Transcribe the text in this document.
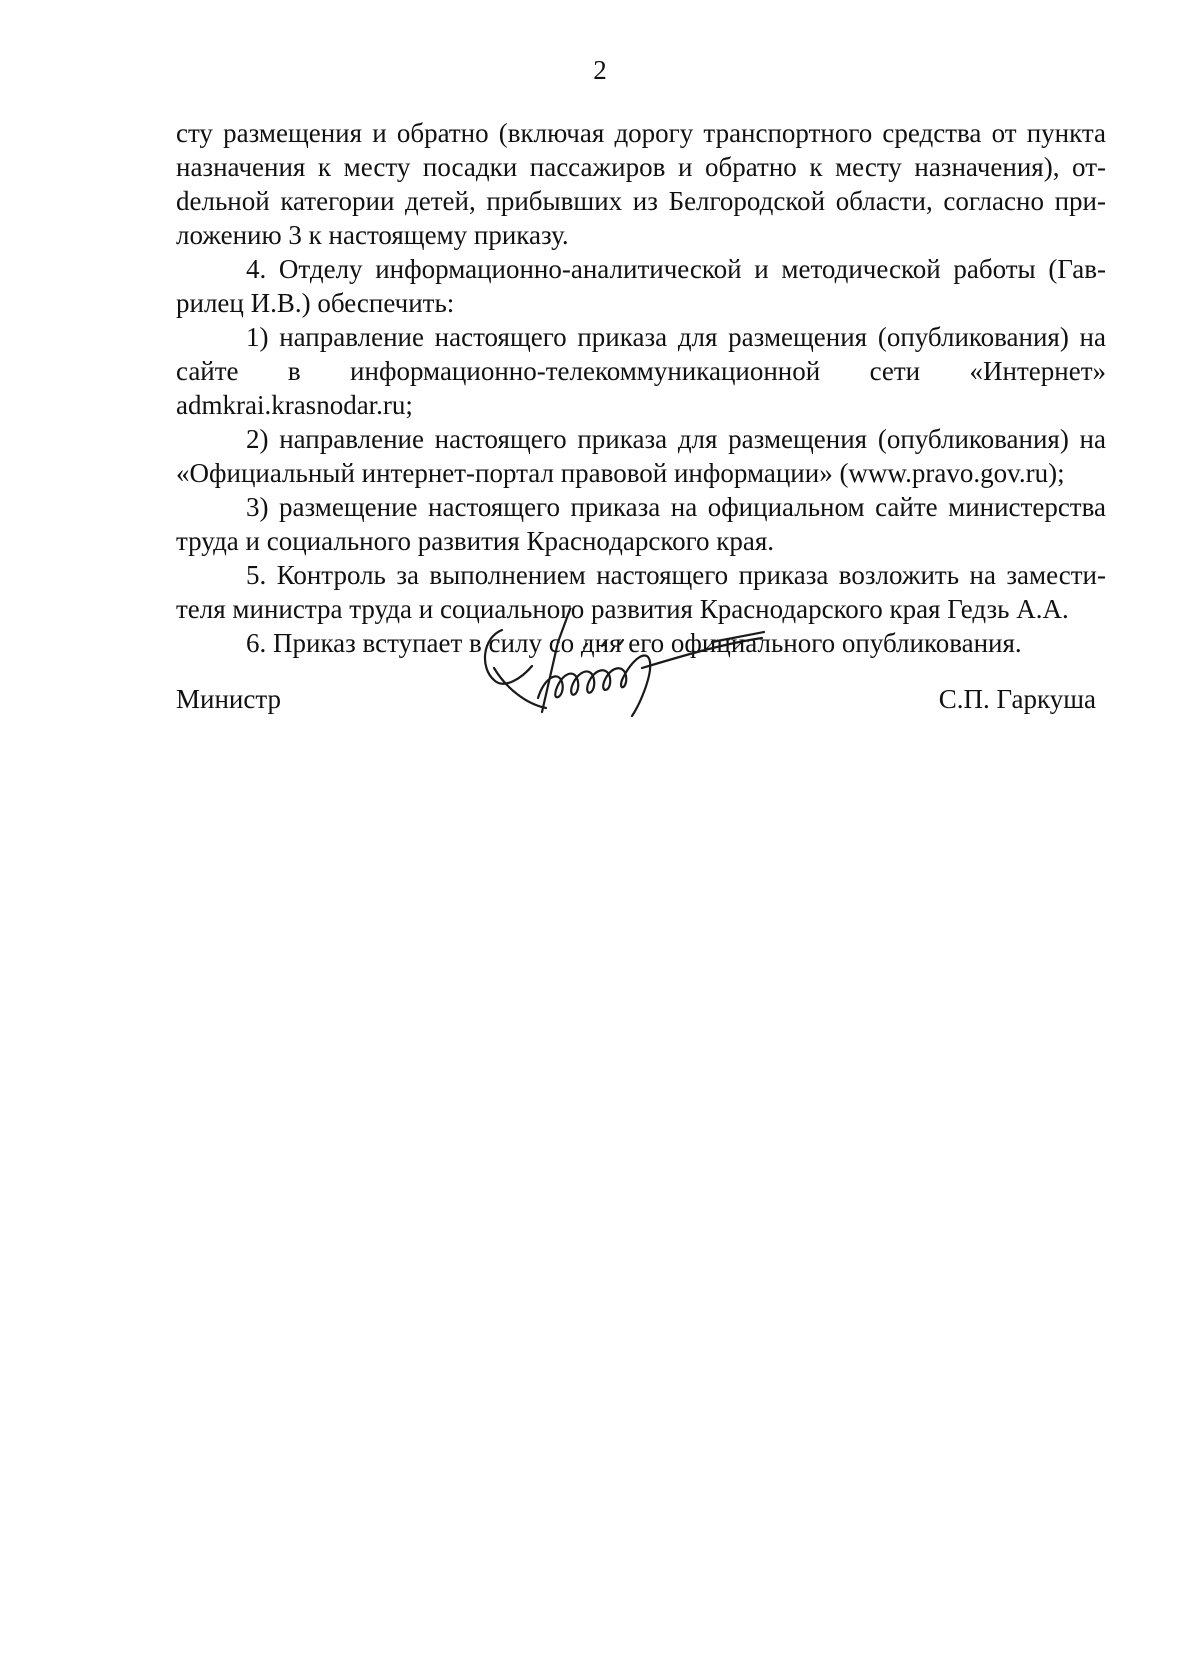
2

сту размещения и обратно (включая дорогу транспортного средства от пункта назначения к месту посадки пассажиров и обратно к месту назначения), отdельной категории детей, прибывших из Белгородской области, согласно приложению 3 к настоящему приказу.

4. Отделу информационно-аналитической и методической работы (Гаврилец И.В.) обеспечить:

1) направление настоящего приказа для размещения (опубликования) на сайте в информационно-телекоммуникационной сети «Интернет» admkrai.krasnodar.ru;

2) направление настоящего приказа для размещения (опубликования) на «Официальный интернет-портал правовой информации» (www.pravo.gov.ru);

3) размещение настоящего приказа на официальном сайте министерства труда и социального развития Краснодарского края.

5. Контроль за выполнением настоящего приказа возложить на заместителя министра труда и социального развития Краснодарского края Гедзь А.А.

6. Приказ вступает в силу со дня его официального опубликования.

Министр	С.П. Гаркуша
